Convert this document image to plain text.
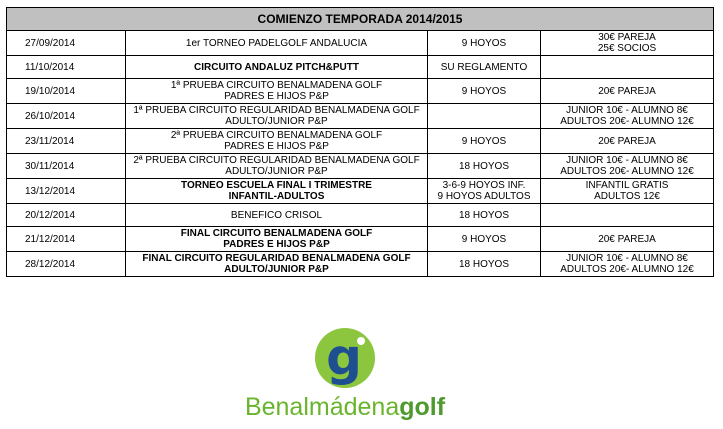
COMIENZO TEMPORADA 2014/2015			
27/09/2014	1er TORNEO PADELGOLF ANDALUCIA	9 HOYOS	30€ PAREJA
25€ SOCIOS

11/10/2014	CIRCUITO ANDALUZ PITCH&PUTT	SU REGLAMENTO	

19/10/2014	1ª PRUEBA CIRCUITO BENALMADENA GOLF
PADRES E HIJOS P&P	9 HOYOS	20€ PAREJA

26/10/2014	1ª PRUEBA CIRCUITO REGULARIDAD BENALMADENA GOLF
ADULTO/JUNIOR P&P		JUNIOR 10€ - ALUMNO 8€
ADULTOS 20€- ALUMNO 12€

23/11/2014	2ª PRUEBA CIRCUITO BENALMADENA GOLF
PADRES E HIJOS P&P	9 HOYOS	20€ PAREJA

30/11/2014	2ª PRUEBA CIRCUITO REGULARIDAD BENALMADENA GOLF
ADULTO/JUNIOR P&P	18 HOYOS	JUNIOR 10€ - ALUMNO 8€
ADULTOS 20€- ALUMNO 12€

13/12/2014	TORNEO ESCUELA FINAL I TRIMESTRE
INFANTIL-ADULTOS	3-6-9 HOYOS INF.
9 HOYOS ADULTOS	INFANTIL GRATIS
ADULTOS 12€

20/12/2014	BENEFICO CRISOL	18 HOYOS	

21/12/2014	FINAL CIRCUITO BENALMADENA GOLF
PADRES E HIJOS P&P	9 HOYOS	20€ PAREJA

28/12/2014	FINAL CIRCUITO REGULARIDAD BENALMADENA GOLF
ADULTO/JUNIOR P&P	18 HOYOS	JUNIOR 10€ - ALUMNO 8€
ADULTOS 20€- ALUMNO 12€
g
Benalmádenagolf
